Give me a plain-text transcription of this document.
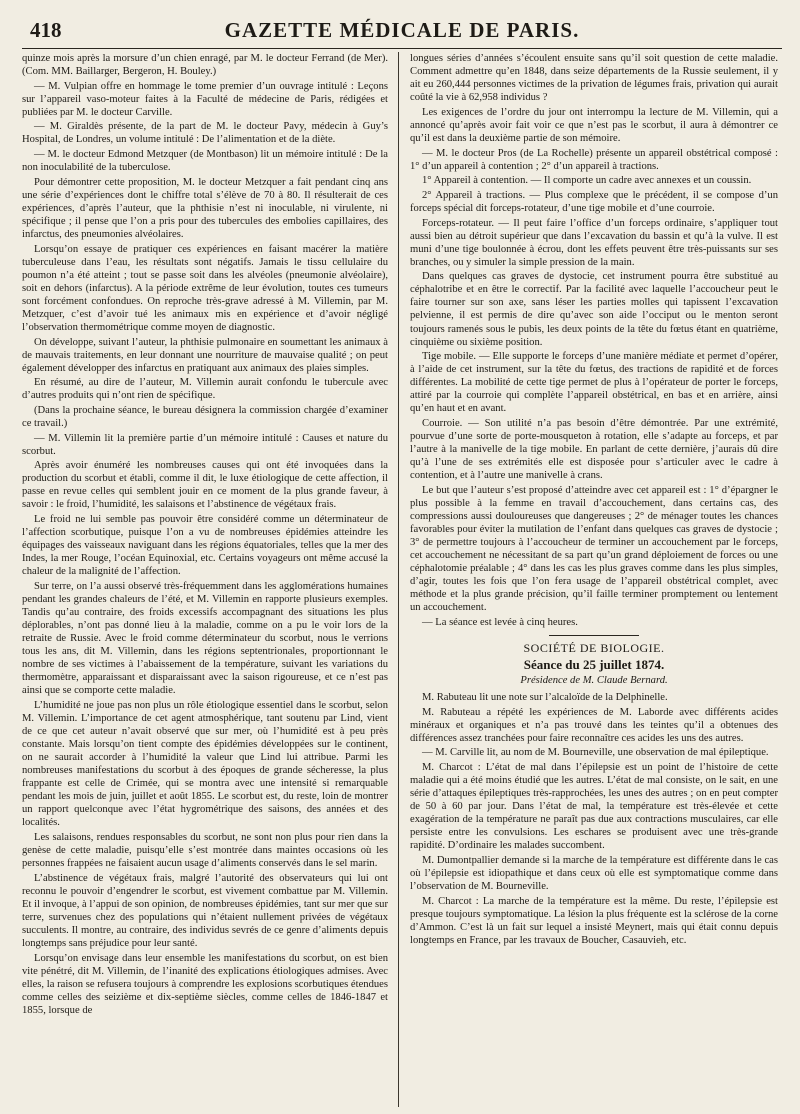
418	GAZETTE MÉDICALE DE PARIS.

quinze mois après la morsure d’un chien enragé, par M. le docteur Ferrand (de Mer). (Com. MM. Baillarger, Bergeron, H. Bouley.)

— M. Vulpian offre en hommage le tome premier d’un ouvrage intitulé : Leçons sur l’appareil vaso-moteur faites à la Faculté de médecine de Paris, rédigées et publiées par M. le docteur Carville.

— M. Giraldès présente, de la part de M. le docteur Pavy, médecin à Guy’s Hospital, de Londres, un volume intitulé : De l’alimentation et de la diète.

— M. le docteur Edmond Metzquer (de Montbason) lit un mémoire intitulé : De la non inoculabilité de la tuberculose.

Pour démontrer cette proposition, M. le docteur Metzquer a fait pendant cinq ans une série d’expériences dont le chiffre total s’élève de 70 à 80. Il résulterait de ces expériences, d’après l’auteur, que la phthisie n’est ni inoculable, ni virulente, ni spécifique ; il pense que l’on a pris pour des tubercules des embolies capillaires, des infarctus, des pneumonies alvéolaires.

Lorsqu’on essaye de pratiquer ces expériences en faisant macérer la matière tuberculeuse dans l’eau, les résultats sont négatifs. Jamais le tissu cellulaire du poumon n’a été atteint ; tout se passe soit dans les alvéoles (pneumonie alvéolaire), soit en dehors (infarctus). A la période extrême de leur évolution, toutes ces tumeurs sont forcément confondues. On reproche très-grave adressé à M. Villemin, par M. Metzquer, c’est d’avoir tué les animaux mis en expérience et d’avoir négligé l’observation thermométrique comme moyen de diagnostic.

On développe, suivant l’auteur, la phthisie pulmonaire en soumettant les animaux à de mauvais traitements, en leur donnant une nourriture de mauvaise qualité ; on peut également développer des infarctus en pratiquant aux animaux des plaies simples.

En résumé, au dire de l’auteur, M. Villemin aurait confondu le tubercule avec d’autres produits qui n’ont rien de spécifique.

(Dans la prochaine séance, le bureau désignera la commission chargée d’examiner ce travail.)

— M. Villemin lit la première partie d’un mémoire intitulé : Causes et nature du scorbut.

Après avoir énuméré les nombreuses causes qui ont été invoquées dans la production du scorbut et établi, comme il dit, le luxe étiologique de cette affection, il passe en revue celles qui semblent jouir en ce moment de la plus grande faveur, à savoir : le froid, l’humidité, les salaisons et l’abstinence de végétaux frais.

Le froid ne lui semble pas pouvoir être considéré comme un déterminateur de l’affection scorbutique, puisque l’on a vu de nombreuses épidémies atteindre les équipages des vaisseaux naviguant dans les régions équatoriales, telles que la mer des Indes, la mer Rouge, l’océan Equinoxial, etc. Certains voyageurs ont même accusé la chaleur de la malignité de l’affection.

Sur terre, on l’a aussi observé très-fréquemment dans les agglomérations humaines pendant les grandes chaleurs de l’été, et M. Villemin en rapporte plusieurs exemples. Tandis qu’au contraire, des froids excessifs accompagnant des situations les plus déplorables, n’ont pas donné lieu à la maladie, comme on a pu le voir lors de la retraite de Russie. Avec le froid comme déterminateur du scorbut, nous le verrions tous les ans, dit M. Villemin, dans les régions septentrionales, proportionnant le nombre de ses victimes à l’abaissement de la température, suivant les variations du thermomètre, apparaissant et disparaissant avec la saison rigoureuse, et ce n’est pas ainsi que se comporte cette maladie.

L’humidité ne joue pas non plus un rôle étiologique essentiel dans le scorbut, selon M. Villemin. L’importance de cet agent atmosphérique, tant soutenu par Lind, vient de ce que cet auteur n’avait observé que sur mer, où l’humidité est à peu près constante. Mais lorsqu’on tient compte des épidémies développées sur le continent, on ne saurait accorder à l’humidité la valeur que Lind lui attribue. Parmi les nombreuses manifestations du scorbut à des époques de grande sécheresse, la plus frappante est celle de Crimée, qui se montra avec une intensité si remarquable pendant les mois de juin, juillet et août 1855. Le scorbut est, du reste, loin de montrer un rapport quelconque avec l’état hygrométrique des saisons, des années et des localités.

Les salaisons, rendues responsables du scorbut, ne sont non plus pour rien dans la genèse de cette maladie, puisqu’elle s’est montrée dans maintes occasions où les personnes frappées ne faisaient aucun usage d’aliments conservés dans le sel marin.

L’abstinence de végétaux frais, malgré l’autorité des observateurs qui lui ont reconnu le pouvoir d’engendrer le scorbut, est vivement combattue par M. Villemin. Et il invoque, à l’appui de son opinion, de nombreuses épidémies, tant sur mer que sur terre, survenues chez des populations qui n’étaient nullement privées de végétaux succulents. Il montre, au contraire, des individus sevrés de ce genre d’aliments depuis longtemps sans préjudice pour leur santé.

Lorsqu’on envisage dans leur ensemble les manifestations du scorbut, on est bien vite pénétré, dit M. Villemin, de l’inanité des explications étiologiques admises. Avec elles, la raison se refusera toujours à comprendre les explosions scorbutiques étendues comme celles des seizième et dix-septième siècles, comme celles de 1846-1847 et 1855, lorsque de

longues séries d’années s’écoulent ensuite sans qu’il soit question de cette maladie. Comment admettre qu’en 1848, dans seize départements de la Russie seulement, il y ait eu 260,444 personnes victimes de la privation de légumes frais, privation qui aurait coûté la vie à 62,958 individus ?

Les exigences de l’ordre du jour ont interrompu la lecture de M. Villemin, qui a annoncé qu’après avoir fait voir ce que n’est pas le scorbut, il aura à démontrer ce qu’il est dans la deuxième partie de son mémoire.

— M. le docteur Pros (de La Rochelle) présente un appareil obstétrical composé : 1° d’un appareil à contention ; 2° d’un appareil à tractions.

1° Appareil à contention. — Il comporte un cadre avec annexes et un coussin.

2° Appareil à tractions. — Plus complexe que le précédent, il se compose d’un forceps spécial dit forceps-rotateur, d’une tige mobile et d’une courroie.

Forceps-rotateur. — Il peut faire l’office d’un forceps ordinaire, s’appliquer tout aussi bien au détroit supérieur que dans l’excavation du bassin et qu’à la vulve. Il est muni d’une tige boulonnée à écrou, dont les effets peuvent être très-puissants sur ses branches, ou y simuler la simple pression de la main.

Dans quelques cas graves de dystocie, cet instrument pourra être substitué au céphalotribe et en être le correctif. Par la facilité avec laquelle l’accoucheur peut le faire tourner sur son axe, sans léser les parties molles qui tapissent l’excavation pelvienne, il est permis de dire qu’avec son aide l’occiput ou le menton seront toujours ramenés sous le pubis, les deux points de la tête du fœtus étant en quatrième, cinquième ou sixième position.

Tige mobile. — Elle supporte le forceps d’une manière médiate et permet d’opérer, à l’aide de cet instrument, sur la tête du fœtus, des tractions de rapidité et de forces différentes. La mobilité de cette tige permet de plus à l’opérateur de porter le forceps, attiré par la courroie qui complète l’appareil obstétrical, en bas et en arrière, ainsi qu’en haut et en avant.

Courroie. — Son utilité n’a pas besoin d’être démontrée. Par une extrémité, pourvue d’une sorte de porte-mousqueton à rotation, elle s’adapte au forceps, et par l’autre à la manivelle de la tige mobile. En parlant de cette dernière, j’aurais dû dire qu’à l’une de ses extrémités elle est disposée pour s’articuler avec le cadre à contention, et à l’autre une manivelle à crans.

Le but que l’auteur s’est proposé d’atteindre avec cet appareil est : 1° d’épargner le plus possible à la femme en travail d’accouchement, dans certains cas, des compressions aussi douloureuses que dangereuses ; 2° de ménager toutes les chances favorables pour éviter la mutilation de l’enfant dans quelques cas graves de dystocie ; 3° de permettre toujours à l’accoucheur de terminer un accouchement par le forceps, cet accouchement ne nécessitant de sa part qu’un grand déploiement de forces ou une céphalotomie préalable ; 4° dans les cas les plus graves comme dans les plus simples, d’agir, toutes les fois que l’on fera usage de l’appareil obstétrical complet, avec méthode et la plus grande précision, qu’il faille terminer promptement ou lentement un accouchement.

— La séance est levée à cinq heures.

SOCIÉTÉ DE BIOLOGIE.

Séance du 25 juillet 1874.

Présidence de M. Claude Bernard.

M. Rabuteau lit une note sur l’alcaloïde de la Delphinelle.

M. Rabuteau a répété les expériences de M. Laborde avec différents acides minéraux et organiques et n’a pas trouvé dans les teintes qu’il a obtenues des différences assez tranchées pour faire reconnaître ces acides les uns des autres.

— M. Carville lit, au nom de M. Bourneville, une observation de mal épileptique.

M. Charcot : L’état de mal dans l’épilepsie est un point de l’histoire de cette maladie qui a été moins étudié que les autres. L’état de mal consiste, on le sait, en une série d’attaques épileptiques très-rapprochées, les unes des autres ; on en peut compter de 50 à 60 par jour. Dans l’état de mal, la température est très-élevée et cette exagération de la température ne paraît pas due aux contractions musculaires, car elle persiste entre les convulsions. Les eschares se produisent avec une très-grande rapidité. D’ordinaire les malades succombent.

M. Dumontpallier demande si la marche de la température est différente dans le cas où l’épilepsie est idiopathique et dans ceux où elle est symptomatique comme dans l’observation de M. Bourneville.

M. Charcot : La marche de la température est la même. Du reste, l’épilepsie est presque toujours symptomatique. La lésion la plus fréquente est la sclérose de la corne d’Ammon. C’est là un fait sur lequel a insisté Meynert, mais qui était connu depuis longtemps en France, par les travaux de Boucher, Casauvieh, etc.
